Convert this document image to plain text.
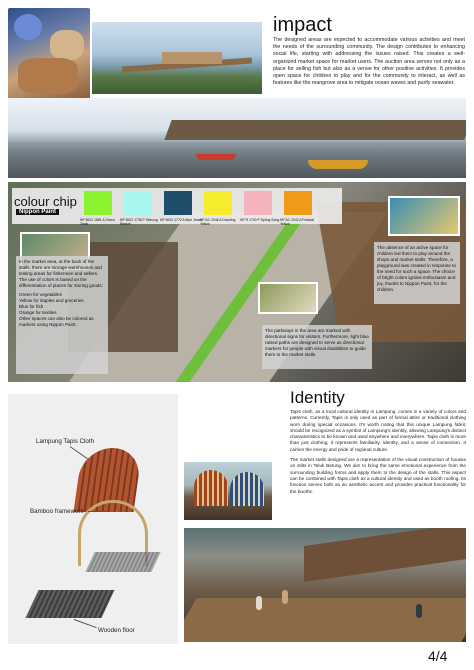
impact
The designed areas are expected to accommodate various activities and meet the needs of the surrounding community. The design contributes to enhancing social life, starting with addressing the issues raised. This creates a well-organized market space for market users. The auction area serves not only as a place for selling fish but also as a venue for other positive activities. It provides open space for children to play and for the community to interact, as well as features like the mangrove area to mitigate ocean waves and purify seawater.
colour chip
Nippon Paint
NP BGG 1881 A Green Tomb
NP BGG 1736 P Skincog Breeze
NP BGG 1772 A Blue Jewel
NP AC 2046 A Dazzling Yellow
NP R 1700 P Spring Song NP AC 2042 A Festival Yellow
In the market area, at the back of the stalls, there are storage warehouses and testing areas for fishermen and sellers. The use of colors is based on the differentiation of places for storing goods:
Green for vegetables
Yellow for staples and groceries
Blue for fish
Orange for textiles
Other spaces can also be colored as markers using Nippon Paint.
The pathways in the area are marked with directional signs for visitors. Furthermore, light blue raised paths are designed to serve as directional markers for people with visual disabilities to guide them to the market stalls.
The absence of an active space for children led them to play around the shops and market stalls. Therefore, a playground was created in response to the need for such a space. The choice of bright colors ignites enthusiasm and joy, thanks to Nippon Paint, for the children.
Lampung Tapis Cloth
Bamboo framework
Wooden floor
Identity

Tapis cloth, as a local cultural identity in Lampung, comes in a variety of colors and patterns. Currently, Tapis is only used as part of formal attire or traditional clothing worn during special occasions. It's worth noting that this unique Lampung fabric should be recognized as a symbol of Lampung's identity, allowing Lampung's distinct characteristics to be known and used anywhere and everywhere. Tapis cloth is more than just clothing; it represents familiarity, identity, and a sense of connection. It carries the energy and pride of regional culture.

The market stalls designed are a representation of the visual construction of houses on stilts in Teluk Betung. We aim to bring the same emotional experience from the surrounding building forms and apply them to the design of the stalls. This aspect can be combined with Tapis cloth as a cultural identity and used as booth roofing. Its function serves both as an aesthetic accent and provides practical functionality for the booths.

4/4
